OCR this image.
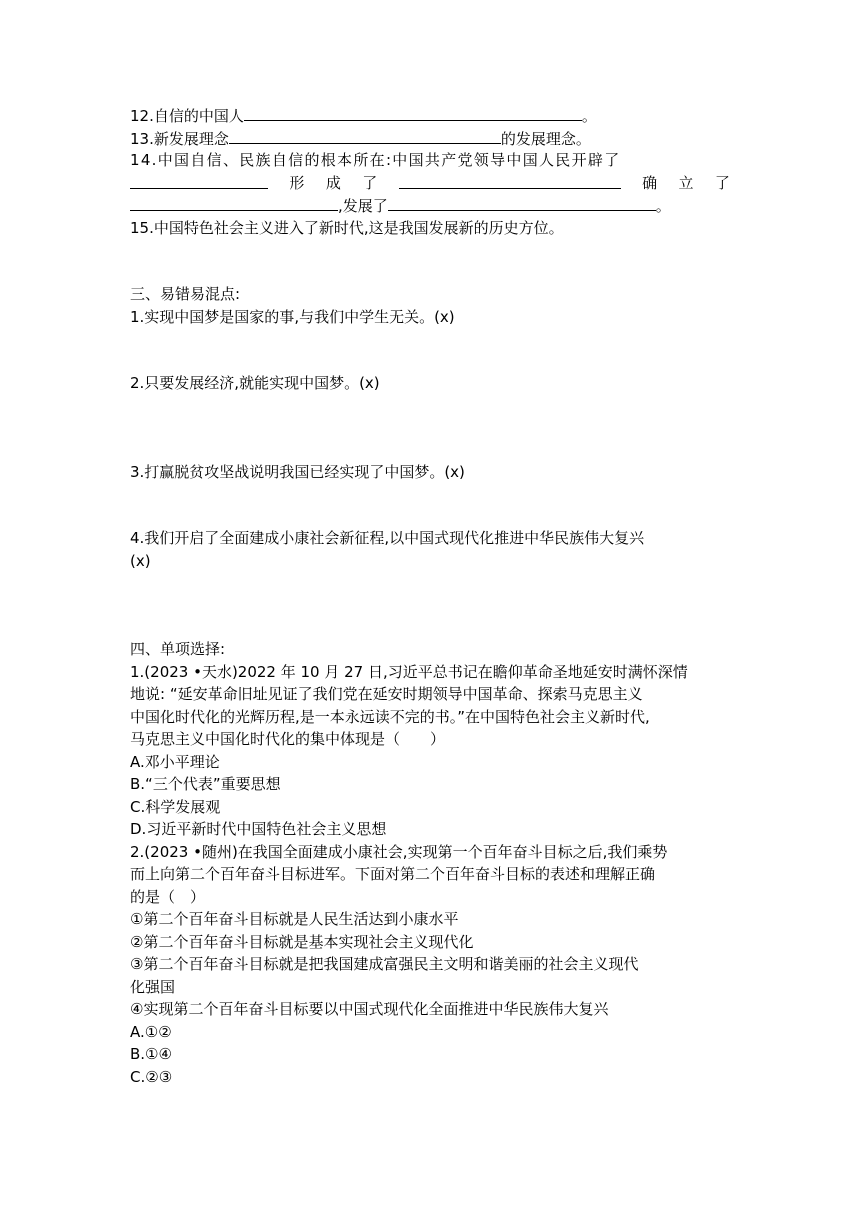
12.自信的中国人	。
13.新发展理念	的发展理念。
14.中国自信、民族自信的根本所在:中国共产党领导中国人民开辟了
形 成 了	确 立 了
,发展了	。
15.中国特色社会主义进入了新时代,这是我国发展新的历史方位。
三、易错易混点:
1.实现中国梦是国家的事,与我们中学生无关。(x)
2.只要发展经济,就能实现中国梦。(x)
3.打赢脱贫攻坚战说明我国已经实现了中国梦。(x)
4.我们开启了全面建成小康社会新征程,以中国式现代化推进中华民族伟大复兴
(x)
四、单项选择:
1.(2023 •天水)2022 年 10 月 27 日,习近平总书记在瞻仰革命圣地延安时满怀深情
地说: “延安革命旧址见证了我们党在延安时期领导中国革命、探索马克思主义
中国化时代化的光辉历程,是一本永远读不完的书。”在中国特色社会主义新时代,
马克思主义中国化时代化的集中体现是（　　）
A.邓小平理论
B.“三个代表”重要思想
C.科学发展观
D.习近平新时代中国特色社会主义思想
2.(2023 •随州)在我国全面建成小康社会,实现第一个百年奋斗目标之后,我们乘势
而上向第二个百年奋斗目标进军。下面对第二个百年奋斗目标的表述和理解正确
的是（　）
①第二个百年奋斗目标就是人民生活达到小康水平
②第二个百年奋斗目标就是基本实现社会主义现代化
③第二个百年奋斗目标就是把我国建成富强民主文明和谐美丽的社会主义现代
化强国
④实现第二个百年奋斗目标要以中国式现代化全面推进中华民族伟大复兴
A.①②
B.①④
C.②③
